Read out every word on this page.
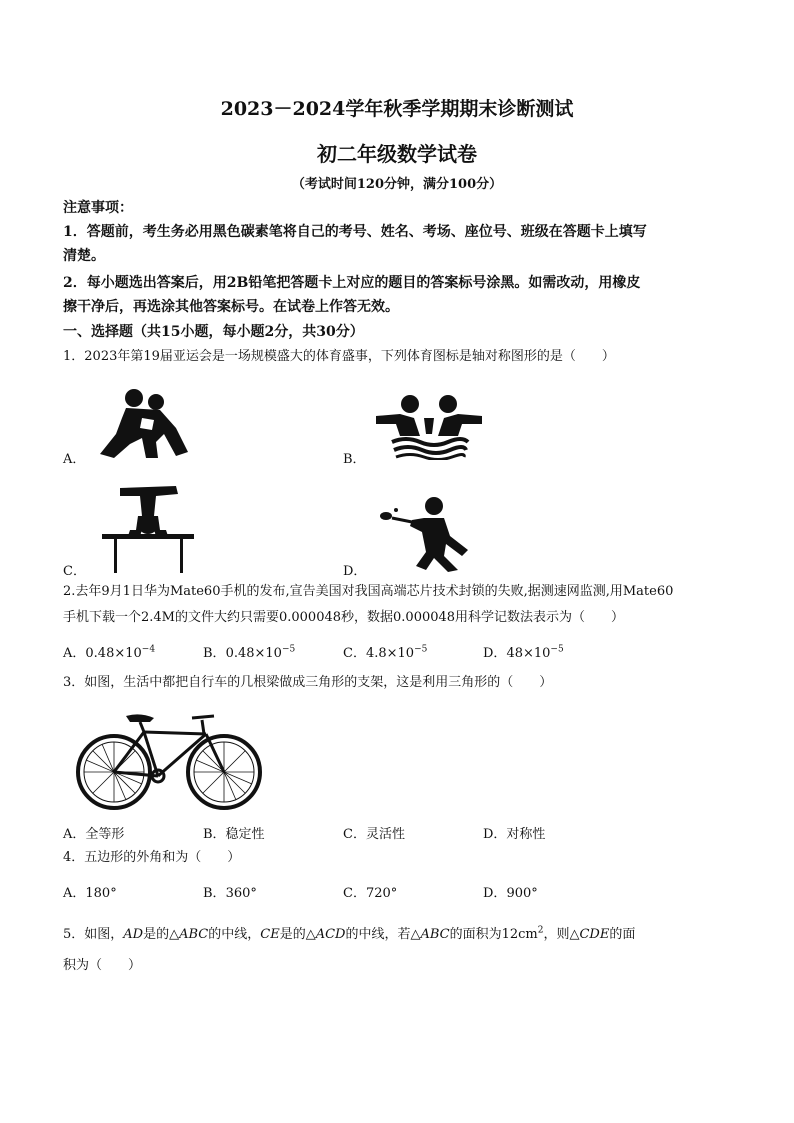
2023－2024学年秋季学期期末诊断测试
初二年级数学试卷
（考试时间120分钟，满分100分）
注意事项：
1．答题前，考生务必用黑色碳素笔将自己的考号、姓名、考场、座位号、班级在答题卡上填写
清楚。
2．每小题选出答案后，用2B铅笔把答题卡上对应的题目的答案标号涂黑。如需改动，用橡皮
擦干净后，再选涂其他答案标号。在试卷上作答无效。
一、选择题（共15小题，每小题2分，共30分）
1．2023年第19届亚运会是一场规模盛大的体育盛事，下列体育图标是轴对称图形的是（　　）
A．	B．
C．	D．
2.去年9月1日华为Mate60手机的发布,宣告美国对我国高端芯片技术封锁的失败,据测速网监测,用Mate60
手机下载一个2.4M的文件大约只需要0.000048秒，数据0.000048用科学记数法表示为（　　）
A．$0.48\times 10^{-4}$	B．$0.48\times 10^{-5}$	C．$4.8\times 10^{-5}$	D．$48\times 10^{-5}$
3．如图，生活中都把自行车的几根梁做成三角形的支架，这是利用三角形的（　　）
A．全等形	B．稳定性	C．灵活性	D．对称性
4．五边形的外角和为（　　）
A．180°	B．360°	C．720°	D．900°
5．如图，AD是的△ABC的中线，CE是的△ACD的中线，若△ABC的面积为$12cm^2$，则△CDE的面
积为（　　）
